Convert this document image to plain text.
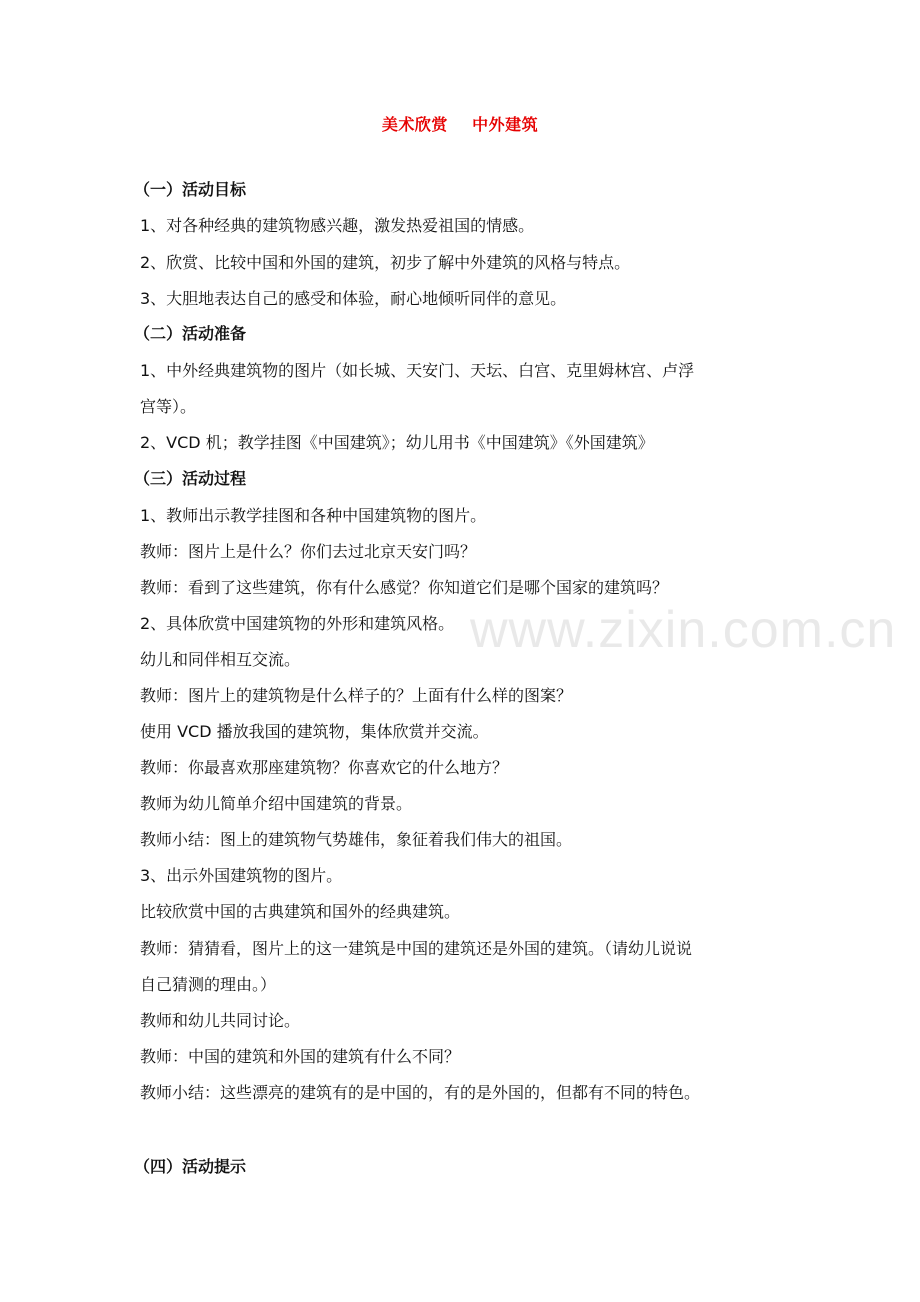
www.zixin.com.cn
美术欣赏    中外建筑
（一）活动目标
1、对各种经典的建筑物感兴趣，激发热爱祖国的情感。
2、欣赏、比较中国和外国的建筑，初步了解中外建筑的风格与特点。
3、大胆地表达自己的感受和体验，耐心地倾听同伴的意见。
（二）活动准备
1、中外经典建筑物的图片（如长城、天安门、天坛、白宫、克里姆林宫、卢浮
宫等）。
2、VCD 机；教学挂图《中国建筑》；幼儿用书《中国建筑》《外国建筑》
（三）活动过程
1、教师出示教学挂图和各种中国建筑物的图片。
教师：图片上是什么？你们去过北京天安门吗？
教师：看到了这些建筑，你有什么感觉？你知道它们是哪个国家的建筑吗？
2、具体欣赏中国建筑物的外形和建筑风格。
幼儿和同伴相互交流。
教师：图片上的建筑物是什么样子的？上面有什么样的图案？
使用 VCD 播放我国的建筑物，集体欣赏并交流。
教师：你最喜欢那座建筑物？你喜欢它的什么地方？
教师为幼儿简单介绍中国建筑的背景。
教师小结：图上的建筑物气势雄伟，象征着我们伟大的祖国。
3、出示外国建筑物的图片。
比较欣赏中国的古典建筑和国外的经典建筑。
教师：猜猜看，图片上的这一建筑是中国的建筑还是外国的建筑。（请幼儿说说
自己猜测的理由。）
教师和幼儿共同讨论。
教师：中国的建筑和外国的建筑有什么不同？
教师小结：这些漂亮的建筑有的是中国的，有的是外国的，但都有不同的特色。
（四）活动提示
